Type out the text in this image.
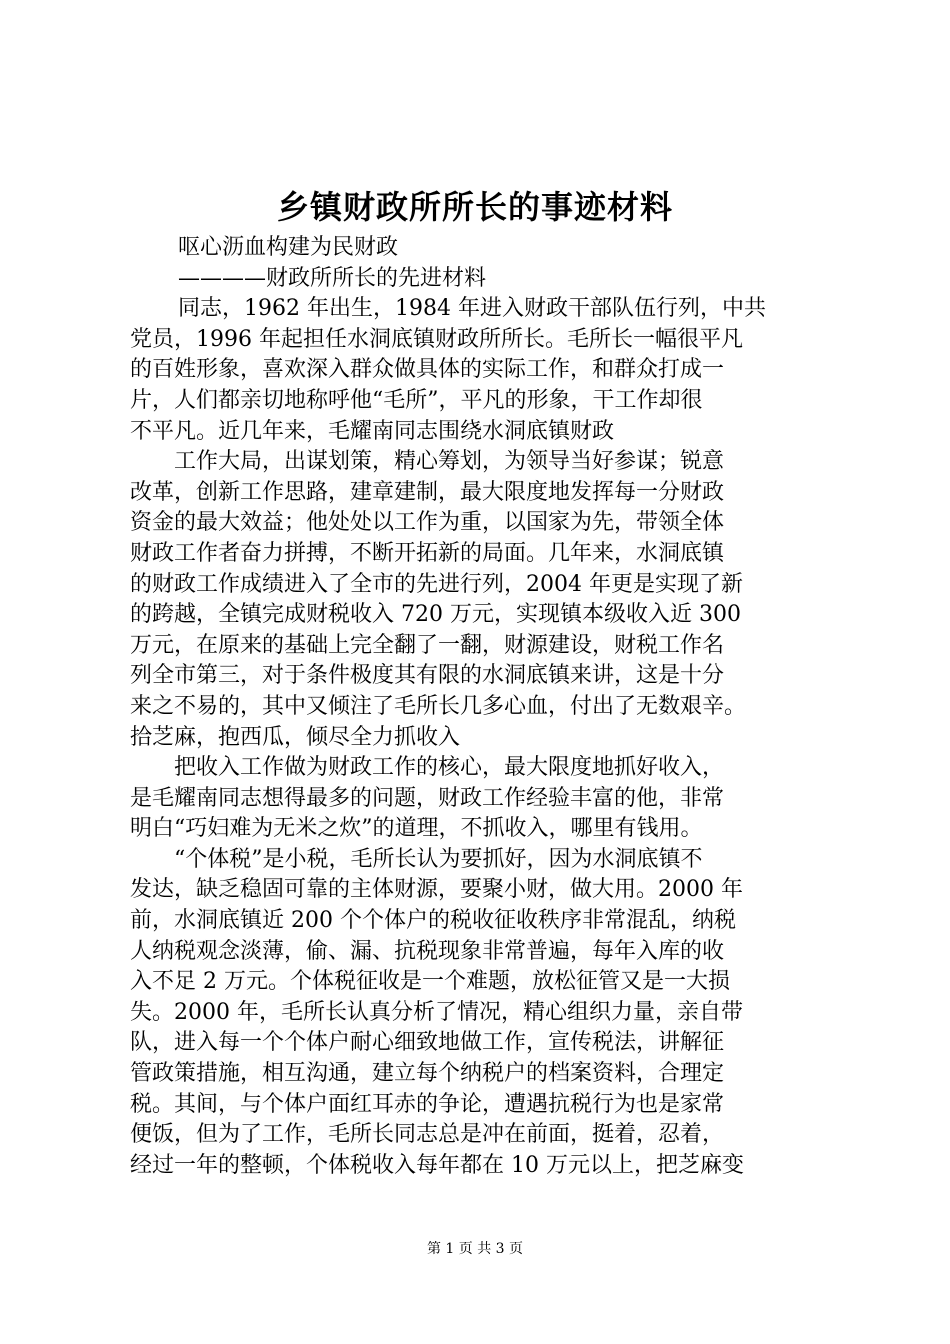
乡镇财政所所长的事迹材料
呕心沥血构建为民财政
————财政所所长的先进材料
同志，1962 年出生，1984 年进入财政干部队伍行列，中共
党员，1996 年起担任水洞底镇财政所所长。毛所长一幅很平凡
的百姓形象，喜欢深入群众做具体的实际工作，和群众打成一
片，人们都亲切地称呼他“毛所”，平凡的形象，干工作却很
不平凡。近几年来，毛耀南同志围绕水洞底镇财政
工作大局，出谋划策，精心筹划，为领导当好参谋；锐意
改革，创新工作思路，建章建制，最大限度地发挥每一分财政
资金的最大效益；他处处以工作为重，以国家为先，带领全体
财政工作者奋力拼搏，不断开拓新的局面。几年来，水洞底镇
的财政工作成绩进入了全市的先进行列，2004 年更是实现了新
的跨越，全镇完成财税收入 720 万元，实现镇本级收入近 300
万元，在原来的基础上完全翻了一翻，财源建设，财税工作名
列全市第三，对于条件极度其有限的水洞底镇来讲，这是十分
来之不易的，其中又倾注了毛所长几多心血，付出了无数艰辛。
拾芝麻，抱西瓜，倾尽全力抓收入
把收入工作做为财政工作的核心，最大限度地抓好收入，
是毛耀南同志想得最多的问题，财政工作经验丰富的他，非常
明白“巧妇难为无米之炊”的道理，不抓收入，哪里有钱用。
“个体税”是小税，毛所长认为要抓好，因为水洞底镇不
发达，缺乏稳固可靠的主体财源，要聚小财，做大用。2000 年
前，水洞底镇近 200 个个体户的税收征收秩序非常混乱，纳税
人纳税观念淡薄，偷、漏、抗税现象非常普遍，每年入库的收
入不足 2 万元。个体税征收是一个难题，放松征管又是一大损
失。2000 年，毛所长认真分析了情况，精心组织力量，亲自带
队，进入每一个个体户耐心细致地做工作，宣传税法，讲解征
管政策措施，相互沟通，建立每个纳税户的档案资料，合理定
税。其间，与个体户面红耳赤的争论，遭遇抗税行为也是家常
便饭，但为了工作，毛所长同志总是冲在前面，挺着，忍着，
经过一年的整顿，个体税收入每年都在 10 万元以上，把芝麻变
第 1 页 共 3 页
